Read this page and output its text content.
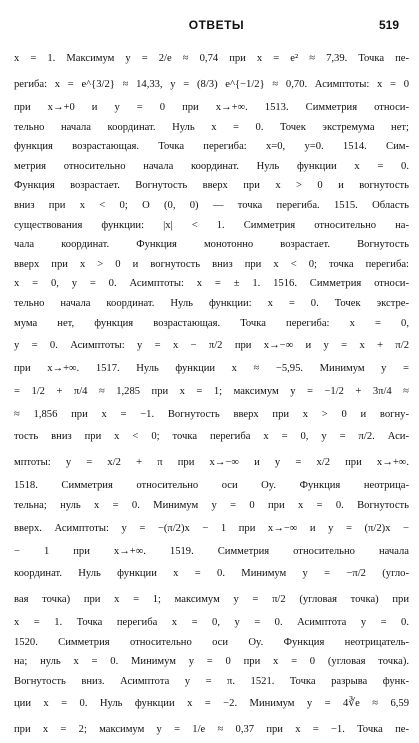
ОТВЕТЫ	519
x = 1. Максимум y = 2/e ≈ 0,74 при x = e² ≈ 7,39. Точка пе-
региба: x = e^{3/2} ≈ 14,33, y = (8/3) e^{−1/2} ≈ 0,70. Асимптоты: x = 0
при x→+0 и y = 0 при x→+∞. 1513. Симметрия относи-
тельно начала координат. Нуль x = 0. Точек экстремума нет;
функция возрастающая. Точка перегиба: x=0, y=0. 1514. Сим-
метрия относительно начала координат. Нуль функции x = 0.
Функция возрастает. Вогнутость вверх при x > 0 и вогнутость
вниз при x < 0; O (0, 0) — точка перегиба. 1515. Область
существования функции: |x| < 1. Симметрия относительно на-
чала координат. Функция монотонно возрастает. Вогнутость
вверх при x > 0 и вогнутость вниз при x < 0; точка перегиба:
x = 0, y = 0. Асимптоты: x = ± 1. 1516. Симметрия относи-
тельно начала координат. Нуль функции: x = 0. Точек экстре-
мума нет, функция возрастающая. Точка перегиба: x = 0,
y = 0. Асимптоты: y = x − π/2 при x→−∞ и y = x + π/2
при x→+∞. 1517. Нуль функции x ≈ −5,95. Минимум y =
= 1/2 + π/4 ≈ 1,285 при x = 1; максимум y = −1/2 + 3π/4 ≈
≈ 1,856 при x = −1. Вогнутость вверх при x > 0 и вогну-
тость вниз при x < 0; точка перегиба x = 0, y = π/2. Аси-
мптоты: y = x/2 + π при x→−∞ и y = x/2 при x→+∞.
1518. Симметрия относительно оси Oy. Функция неотрица-
тельна; нуль x = 0. Минимум y = 0 при x = 0. Вогнутость
вверх. Асимптоты: y = −(π/2)x − 1 при x→−∞ и y = (π/2)x −
− 1 при x→+∞. 1519. Симметрия относительно начала
координат. Нуль функции x = 0. Минимум y = −π/2 (угло-
вая точка) при x = 1; максимум y = π/2 (угловая точка) при
x = 1. Точка перегиба x = 0, y = 0. Асимптота y = 0.
1520. Симметрия относительно оси Oy. Функция неотрицатель-
на; нуль x = 0. Минимум y = 0 при x = 0 (угловая точка).
Вогнутость вниз. Асимптота y = π. 1521. Точка разрыва функ-
ции x = 0. Нуль функции x = −2. Минимум y = 4∛e ≈ 6,59
при x = 2; максимум y = 1/e ≈ 0,37 при x = −1. Точка пе-
